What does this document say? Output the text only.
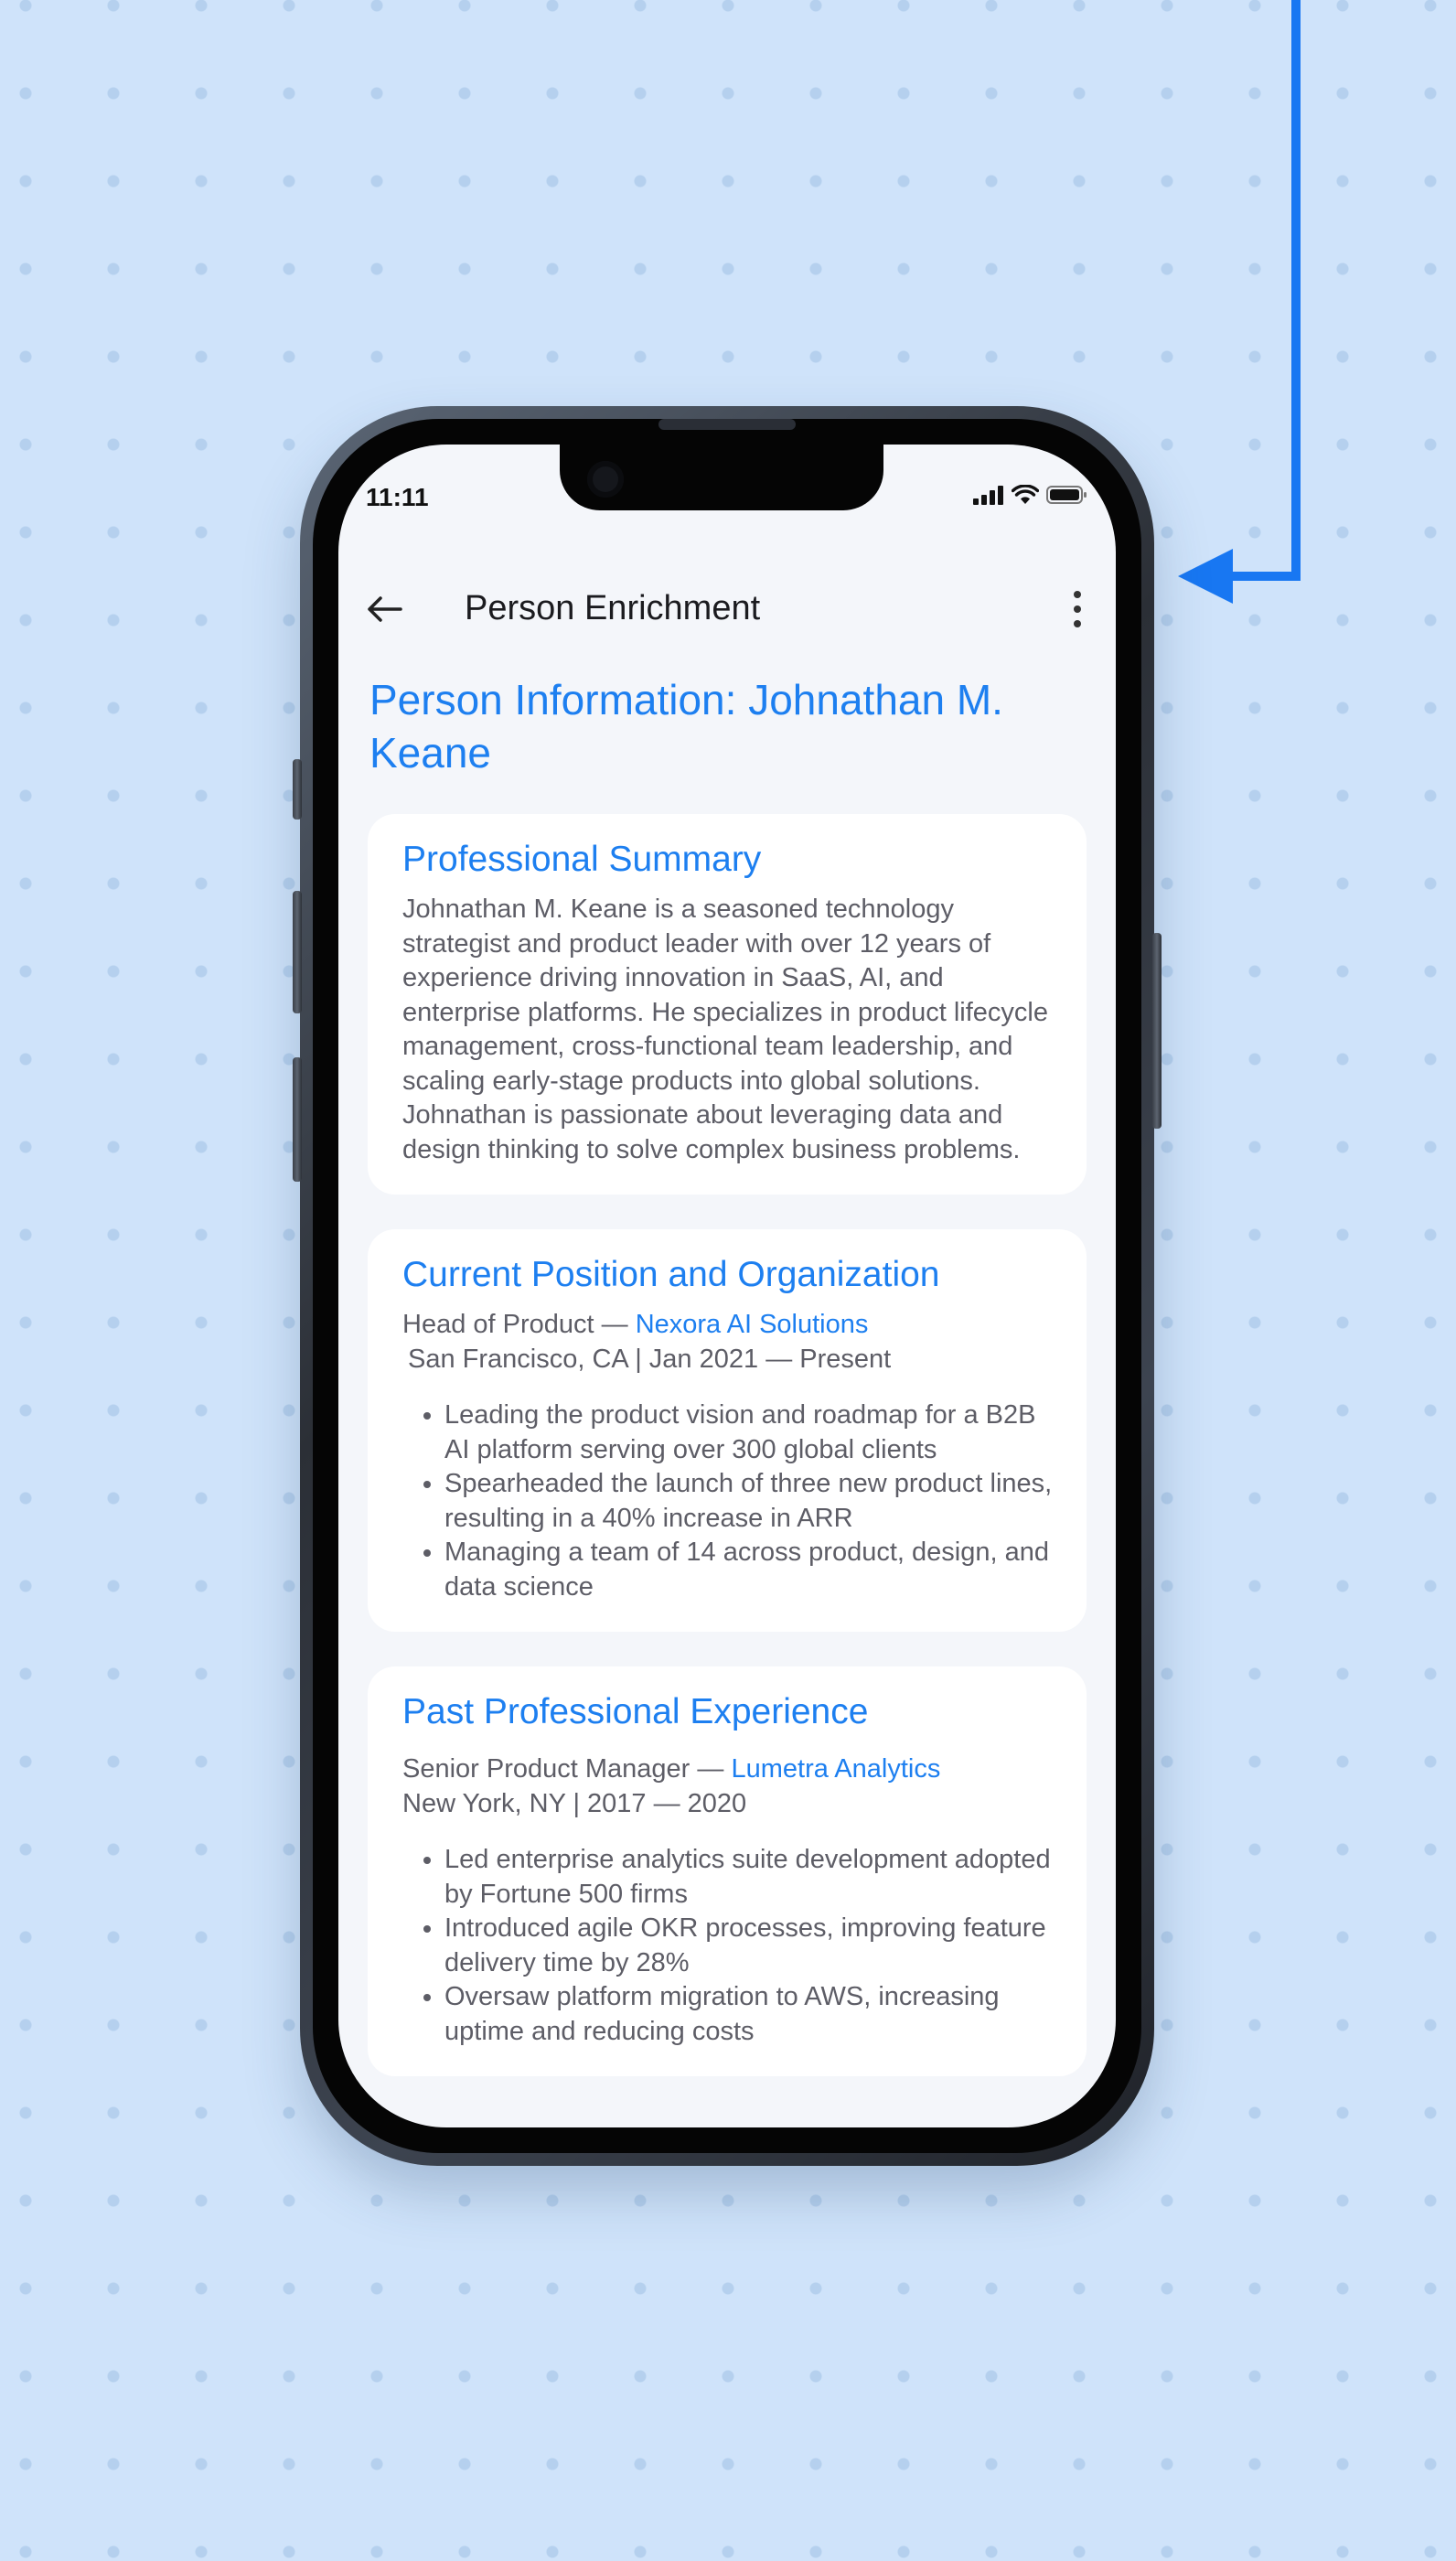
11:11
Person Enrichment
Person Information: Johnathan M. Keane
Professional Summary
Johnathan M. Keane is a seasoned technology strategist and product leader with over 12 years of experience driving innovation in SaaS, AI, and enterprise platforms. He specializes in product lifecycle management, cross-functional team leadership, and scaling early-stage products into global solutions. Johnathan is passionate about leveraging data and design thinking to solve complex business problems.
Current Position and Organization
Head of Product — Nexora AI Solutions
San Francisco, CA | Jan 2021 — Present
• Leading the product vision and roadmap for a B2B AI platform serving over 300 global clients
• Spearheaded the launch of three new product lines, resulting in a 40% increase in ARR
• Managing a team of 14 across product, design, and data science
Past Professional Experience
Senior Product Manager — Lumetra Analytics
New York, NY | 2017 — 2020
• Led enterprise analytics suite development adopted by Fortune 500 firms
• Introduced agile OKR processes, improving feature delivery time by 28%
• Oversaw platform migration to AWS, increasing uptime and reducing costs
